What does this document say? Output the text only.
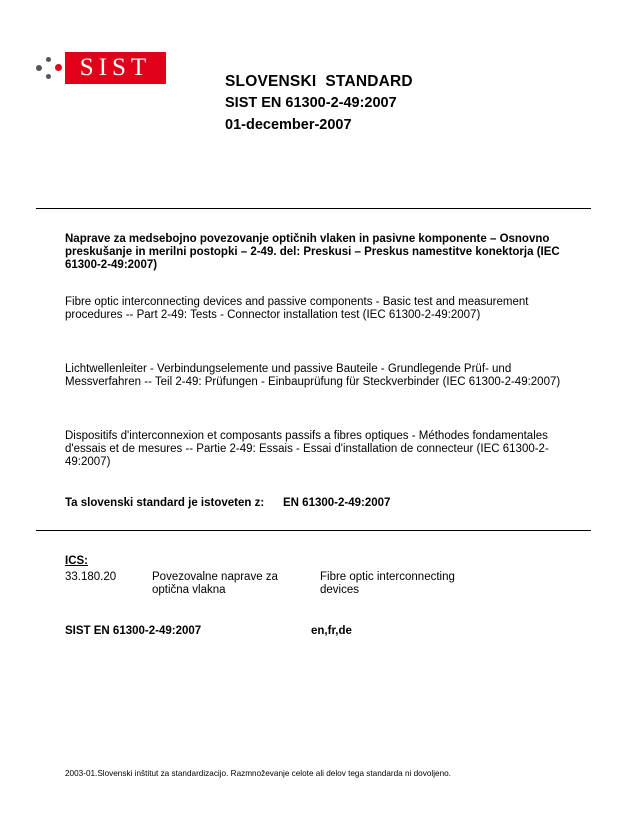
SIST
SLOVENSKI  STANDARD
SIST EN 61300-2-49:2007
01-december-2007
Naprave za medsebojno povezovanje optičnih vlaken in pasivne komponente – Osnovno preskušanje in merilni postopki – 2-49. del: Preskusi – Preskus namestitve konektorja (IEC 61300-2-49:2007)
Fibre optic interconnecting devices and passive components - Basic test and measurement procedures -- Part 2-49: Tests - Connector installation test (IEC 61300-2-49:2007)
Lichtwellenleiter - Verbindungselemente und passive Bauteile - Grundlegende Prüf- und Messverfahren -- Teil 2-49: Prüfungen - Einbauprüfung für Steckverbinder (IEC 61300-2-49:2007)
Dispositifs d'interconnexion et composants passifs a fibres optiques - Méthodes fondamentales d'essais et de mesures -- Partie 2-49: Essais - Essai d'installation de connecteur (IEC 61300-2-49:2007)
Ta slovenski standard je istoveten z: EN 61300-2-49:2007
ICS:
33.180.20	Povezovalne naprave za optična vlakna
Fibre optic interconnecting devices
SIST EN 61300-2-49:2007	en,fr,de
2003-01.Slovenski inštitut za standardizacijo. Razmnoževanje celote ali delov tega standarda ni dovoljeno.
